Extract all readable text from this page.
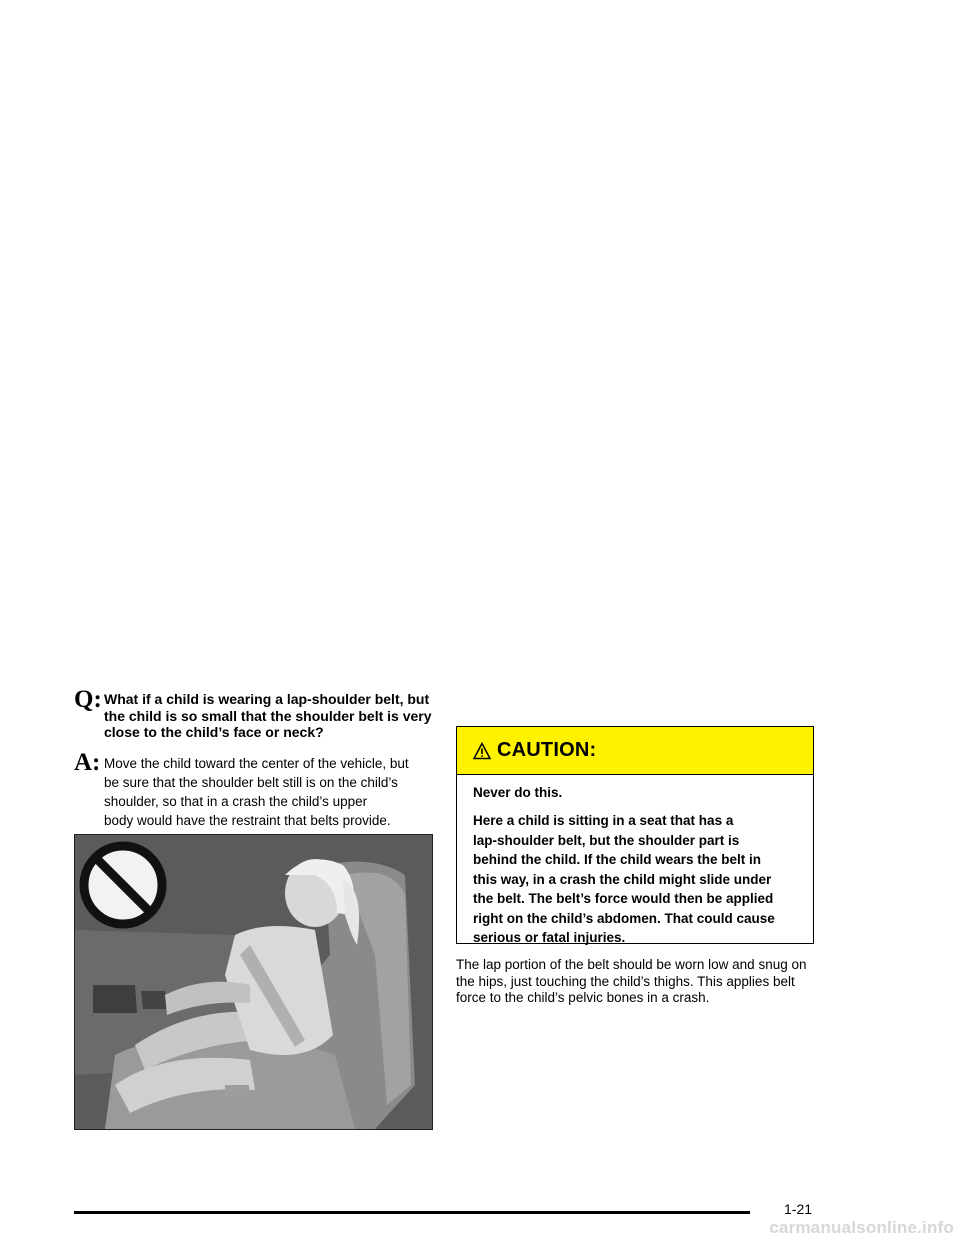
Q: What if a child is wearing a lap-shoulder belt, but the child is so small that the shoulder belt is very close to the child’s face or neck?
A: Move the child toward the center of the vehicle, but

be sure that the shoulder belt still is on the child’s

shoulder, so that in a crash the child’s upper

body would have the restraint that belts provide.

CAUTION:

Never do this.

Here a child is sitting in a seat that has a

lap-shoulder belt, but the shoulder part is

behind the child. If the child wears the belt in

this way, in a crash the child might slide under

the belt. The belt’s force would then be applied

right on the child’s abdomen. That could cause

serious or fatal injuries.

The lap portion of the belt should be worn low and snug on the hips, just touching the child’s thighs. This applies belt force to the child’s pelvic bones in a crash.

1-21
carmanualsonline.info
